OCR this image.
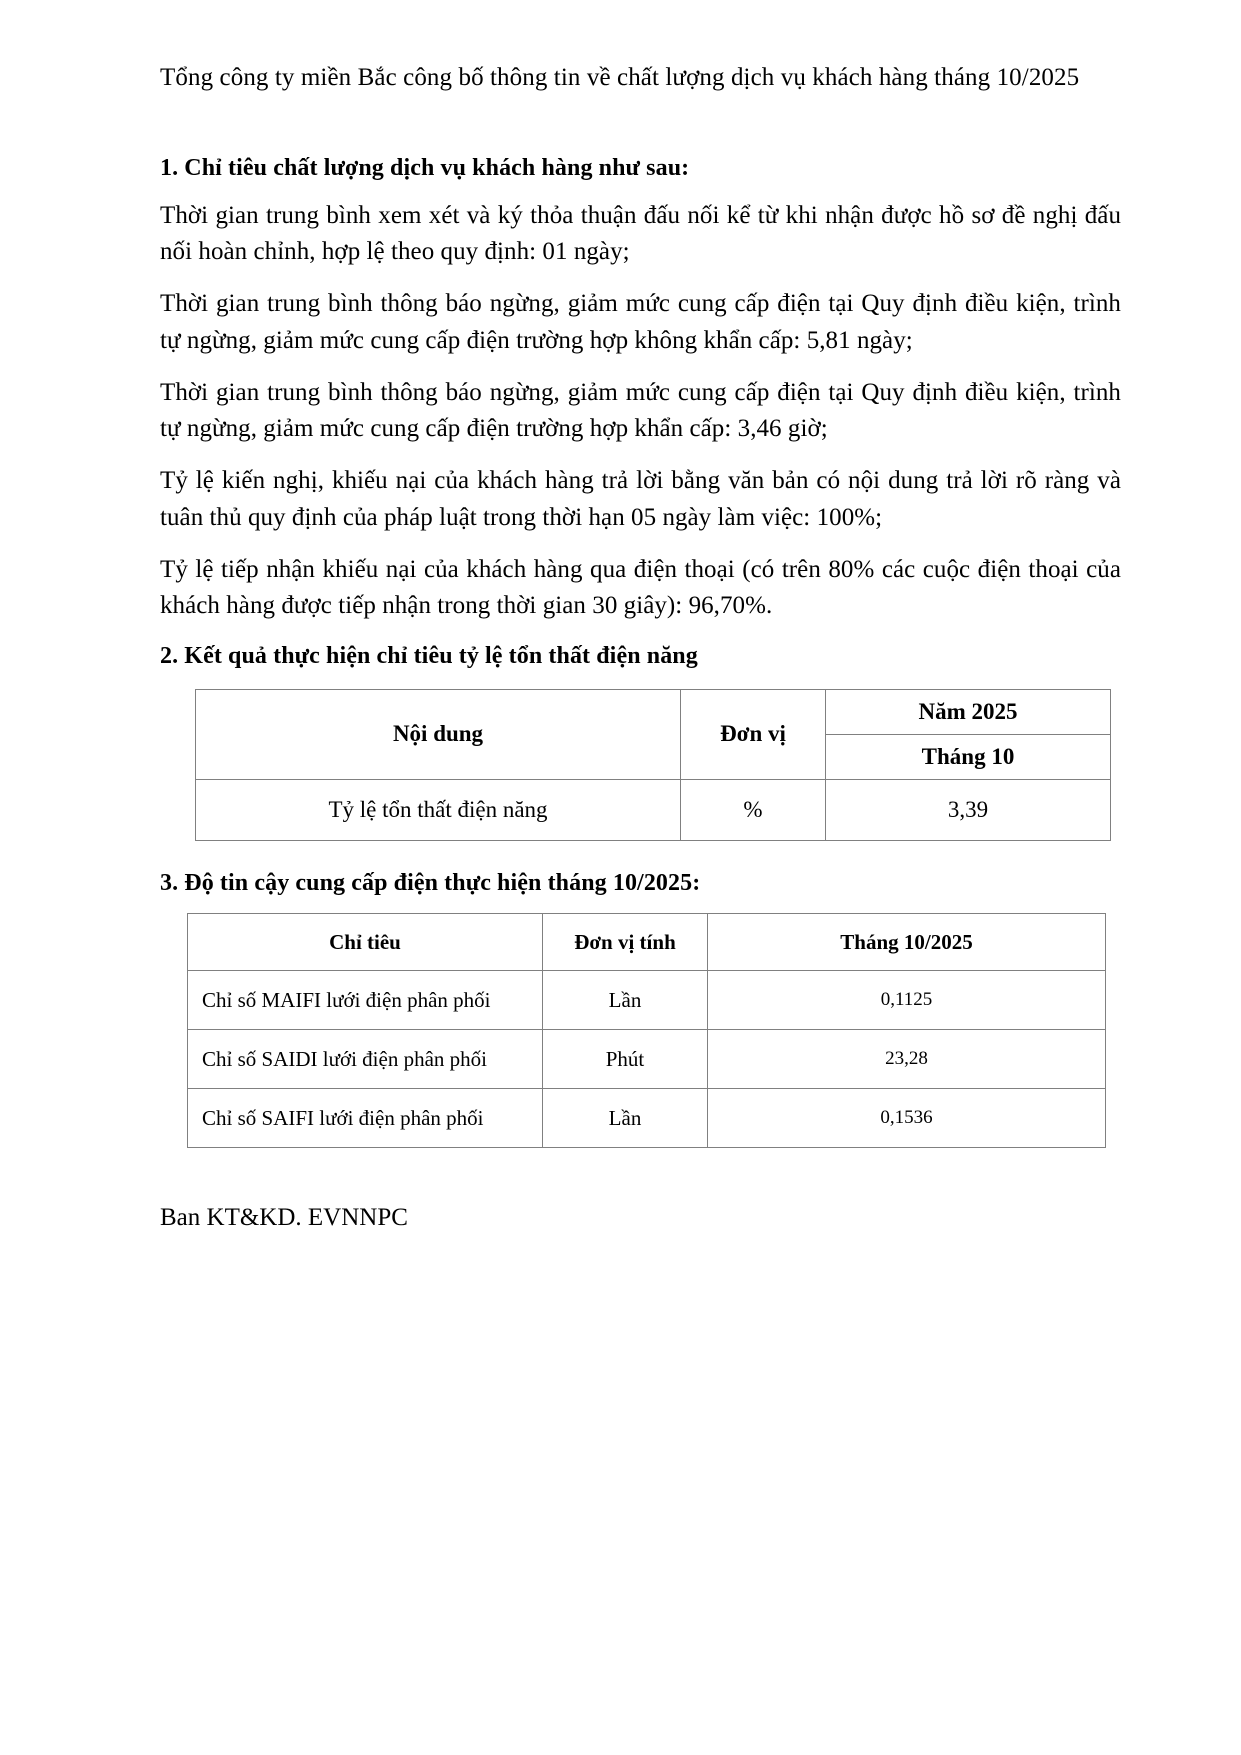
Tổng công ty miền Bắc công bố thông tin về chất lượng dịch vụ khách hàng tháng 10/2025

1. Chỉ tiêu chất lượng dịch vụ khách hàng như sau:

Thời gian trung bình xem xét và ký thỏa thuận đấu nối kể từ khi nhận được hồ sơ đề nghị đấu nối hoàn chỉnh, hợp lệ theo quy định: 01 ngày;

Thời gian trung bình thông báo ngừng, giảm mức cung cấp điện tại Quy định điều kiện, trình tự ngừng, giảm mức cung cấp điện trường hợp không khẩn cấp: 5,81 ngày;

Thời gian trung bình thông báo ngừng, giảm mức cung cấp điện tại Quy định điều kiện, trình tự ngừng, giảm mức cung cấp điện trường hợp khẩn cấp: 3,46 giờ;

Tỷ lệ kiến nghị, khiếu nại của khách hàng trả lời bằng văn bản có nội dung trả lời rõ ràng và tuân thủ quy định của pháp luật trong thời hạn 05 ngày làm việc: 100%;

Tỷ lệ tiếp nhận khiếu nại của khách hàng qua điện thoại (có trên 80% các cuộc điện thoại của khách hàng được tiếp nhận trong thời gian 30 giây): 96,70%.

2. Kết quả thực hiện chỉ tiêu tỷ lệ tổn thất điện năng

Nội dung	Đơn vị	Năm 2025
		Tháng 10
Tỷ lệ tổn thất điện năng	%	3,39

3. Độ tin cậy cung cấp điện thực hiện tháng 10/2025:

Chỉ tiêu	Đơn vị tính	Tháng 10/2025
Chỉ số MAIFI lưới điện phân phối	Lần	0,1125
Chỉ số SAIDI lưới điện phân phối	Phút	23,28
Chỉ số SAIFI lưới điện phân phối	Lần	0,1536

Ban KT&KD. EVNNPC
